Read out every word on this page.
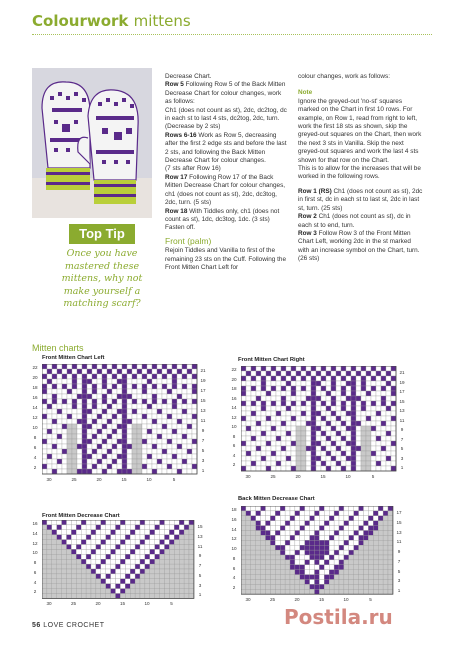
Colourwork mittens
Top Tip
Once you have mastered these mittens, why not make yourself a matching scarf?

Decrease Chart.

Row 5 Following Row 5 of the Back Mitten Decrease Chart for colour changes, work as follows:

Ch1 (does not count as st), 2dc, dc2tog, dc in each st to last 4 sts, dc2tog, 2dc, turn. (Decrease by 2 sts)

Rows 6-16 Work as Row 5, decreasing after the first 2 edge sts and before the last 2 sts, and following the Back Mitten Decrease Chart for colour changes.

(7 sts after Row 16)

Row 17 Following Row 17 of the Back Mitten Decrease Chart for colour changes, ch1 (does not count as st), 2dc, dc3tog, 2dc, turn. (5 sts)

Row 18 With Tiddles only, ch1 (does not count as st), 1dc, dc3tog, 1dc. (3 sts)

Fasten off.

Front (palm)

Rejoin Tiddles and Vanilla to first of the remaining 23 sts on the Cuff. Following the Front Mitten Chart Left for

colour changes, work as follows:

Note

Ignore the greyed-out 'no-st' squares marked on the Chart in first 10 rows. For example, on Row 1, read from right to left, work the first 18 sts as shown, skip the greyed-out squares on the Chart, then work the next 3 sts in Vanilla. Skip the next greyed-out squares and work the last 4 sts shown for that row on the Chart.

This is to allow for the increases that will be worked in the following rows.

Row 1 (RS) Ch1 (does not count as st), 2dc in first st, dc in each st to last st, 2dc in last st, turn. (25 sts)

Row 2 Ch1 (does not count as st), dc in each st to end, turn.

Row 3 Follow Row 3 of the Front Mitten Chart Left, working 2dc in the st marked with an increase symbol on the Chart, turn. (26 sts)

Mitten charts
Front Mitten Chart Left
22
20
18
16
14
12
10
8
6
4
2
21
19
17
15
13
11
9
7
5
3
1
30	25	20	15	10	5
Front Mitten Chart Right
22
20
18
16
14
12
10
8
6
4
2
21
19
17
15
13
11
9
7
5
3
1
30	25	20	15	10	5
Front Mitten Decrease Chart
16
14
12
10
8
6
4
2
15
13
11
9
7
5
3
1
30	25	20	15	10	5
Back Mitten Decrease Chart
18
16
14
12
10
8
6
4
2
17
15
13
11
9
7
5
3
1
30	25	20	15	10	5
56 LOVE CROCHET	Postila.ru
